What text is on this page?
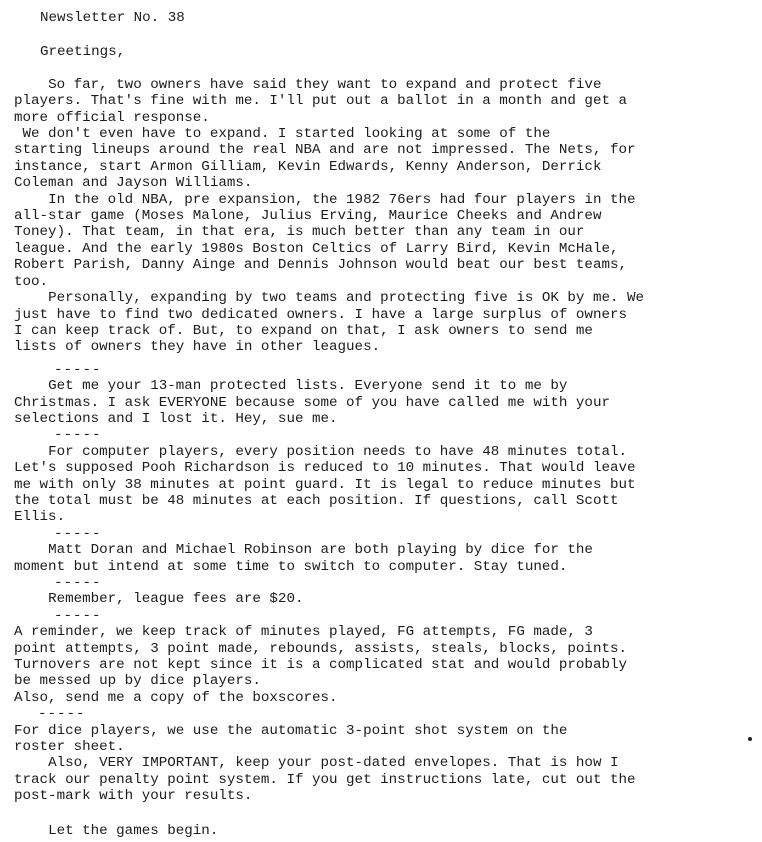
Newsletter No. 38

Greetings,

So far, two owners have said they want to expand and protect five
players. That's fine with me. I'll put out a ballot in a month and get a
more official response.

We don't even have to expand. I started looking at some of the
starting lineups around the real NBA and are not impressed. The Nets, for
instance, start Armon Gilliam, Kevin Edwards, Kenny Anderson, Derrick
Coleman and Jayson Williams.

In the old NBA, pre expansion, the 1982 76ers had four players in the
all-star game (Moses Malone, Julius Erving, Maurice Cheeks and Andrew
Toney). That team, in that era, is much better than any team in our
league. And the early 1980s Boston Celtics of Larry Bird, Kevin McHale,
Robert Parish, Danny Ainge and Dennis Johnson would beat our best teams,
too.

Personally, expanding by two teams and protecting five is OK by me. We
just have to find two dedicated owners. I have a large surplus of owners
I can keep track of. But, to expand on that, I ask owners to send me
lists of owners they have in other leagues.

-----

Get me your 13-man protected lists. Everyone send it to me by
Christmas. I ask EVERYONE because some of you have called me with your
selections and I lost it. Hey, sue me.

-----

For computer players, every position needs to have 48 minutes total.
Let's supposed Pooh Richardson is reduced to 10 minutes. That would leave
me with only 38 minutes at point guard. It is legal to reduce minutes but
the total must be 48 minutes at each position. If questions, call Scott
Ellis.

-----

Matt Doran and Michael Robinson are both playing by dice for the
moment but intend at some time to switch to computer. Stay tuned.

-----

Remember, league fees are $20.

-----

A reminder, we keep track of minutes played, FG attempts, FG made, 3
point attempts, 3 point made, rebounds, assists, steals, blocks, points.
Turnovers are not kept since it is a complicated stat and would probably
be messed up by dice players.
Also, send me a copy of the boxscores.

-----

For dice players, we use the automatic 3-point shot system on the
roster sheet.
Also, VERY IMPORTANT, keep your post-dated envelopes. That is how I
track our penalty point system. If you get instructions late, cut out the
post-mark with your results.

Let the games begin.
